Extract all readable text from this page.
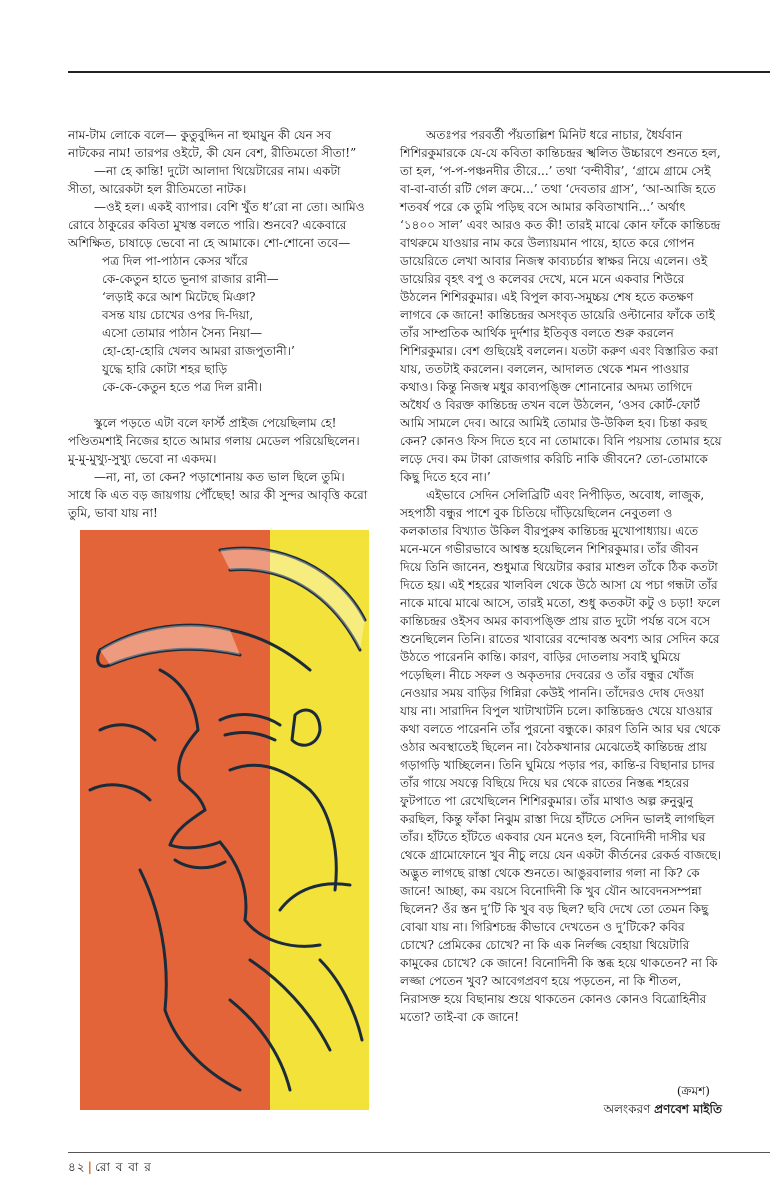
নাম-টাম লোকে বলে— কুতুবুদ্দিন না হুমায়ুন কী যেন সব নাটকের নাম! তারপর ওইটে, কী যেন বেশ, রীতিমতো সীতা!”

—না হে কান্তি! দুটো আলাদা থিয়েটারের নাম। একটা সীতা, আরেকটা হল রীতিমতো নাটক।

—ওই হল। একই ব্যাপার। বেশি খুঁত ধ’রো না তো। আমিও রোবে ঠাকুরের কবিতা মুখস্ত বলতে পারি। শুনবে? একেবারে অশিক্ষিত, চাষাড়ে ভেবো না হে আমাকে। শো-শোনো তবে—

পত্র দিল পা-পাঠান কেসর খাঁরে
কে-কেতুন হাতে ভূনাগ রাজার রানী—
‘লড়াই করে আশ মিটেছে মিঞা?
বসন্ত যায় চোখের ওপর দি-দিয়া,
এসো তোমার পাঠান সৈন্য নিয়া—
হো-হো-হোরি খেলব আমরা রাজপুতানী।’
যুদ্ধে হারি কোটা শহর ছাড়ি
কে-কে-কেতুন হতে পত্র দিল রানী।

স্কুলে পড়তে এটা বলে ফার্স্ট প্রাইজ পেয়েছিলাম হে! পণ্ডিতমশাই নিজের হাতে আমার গলায় মেডেল পরিয়েছিলেন। মু-মু-মুখ্যু-সুখ্যু ভেবো না একদম।

—না, না, তা কেন? পড়াশোনায় কত ভাল ছিলে তুমি। সাধে কি এত বড় জায়গায় পৌঁছেছ! আর কী সুন্দর আবৃত্তি করো তুমি, ভাবা যায় না!

অতঃপর পরবর্তী পঁয়তাল্লিশ মিনিট ধরে নাচার, ধৈর্যবান শিশিরকুমারকে যে-যে কবিতা কান্তিচন্দ্রর স্খলিত উচ্চারণে শুনতে হল, তা হল, ‘প-প-পঞ্চনদীর তীরে...’ তথা ‘বন্দীবীর’, ‘গ্রামে গ্রামে সেই বা-বা-বার্তা রটি গেল ক্রমে...’ তথা ‘দেবতার গ্রাস’, ‘আ-আজি হতে শতবর্ষ পরে কে তুমি পড়িছ বসে আমার কবিতাখানি...’ অর্থাৎ ‘১৪০০ সাল’ এবং আরও কত কী! তারই মাঝে কোন ফাঁকে কান্তিচন্দ্র বাথরুমে যাওয়ার নাম করে উল্যায়মান পায়ে, হাতে করে গোপন ডায়েরিতে লেখা আবার নিজস্ব কাব্যচর্চার স্বাক্ষর নিয়ে এলেন। ওই ডায়েরির বৃহৎ বপু ও কলেবর দেখে, মনে মনে একবার শিউরে উঠলেন শিশিরকুমার। এই বিপুল কাব্য-সমুচ্চয় শেষ হতে কতক্ষণ লাগবে কে জানে! কান্তিচন্দ্রর অসংবৃত ডায়েরি ওল্টানোর ফাঁকে তাই তাঁর সাম্প্রতিক আর্থিক দুর্দশার ইতিবৃত্ত বলতে শুরু করলেন শিশিরকুমার। বেশ গুছিয়েই বললেন। যতটা করুণ এবং বিস্তারিত করা যায়, ততটাই করলেন। বললেন, আদালত থেকে শমন পাওয়ার কথাও। কিন্তু নিজস্ব মধুর কাব্যপঙ্ক্তি শোনানোর অদম্য তাগিদে অধৈর্য ও বিরক্ত কান্তিচন্দ্র তখন বলে উঠলেন, ‘ওসব কোর্ট-ফোর্ট আমি সামলে দেব। আরে আমিই তোমার উ-উকিল হব। চিন্তা করছ কেন? কোনও ফিস দিতে হবে না তোমাকে। বিনি পয়সায় তোমার হয়ে লড়ে দেব। কম টাকা রোজগার করিচি নাকি জীবনে? তো-তোমাকে কিছু দিতে হবে না।’

এইভাবে সেদিন সেলিব্রিটি এবং নিপীড়িত, অবোধ, লাজুক, সহপাঠী বন্ধুর পাশে বুক চিতিয়ে দাঁড়িয়েছিলেন নেবুতলা ও কলকাতার বিখ্যাত উকিল বীরপুরুষ কান্তিচন্দ্র মুখোপাধ্যায়। এতে মনে-মনে গভীরভাবে আশ্বস্ত হয়েছিলেন শিশিরকুমার। তাঁর জীবন দিয়ে তিনি জানেন, শুধুমাত্র থিয়েটার করার মাশুল তাঁকে ঠিক কতটা দিতে হয়। এই শহরের খালবিল থেকে উঠে আসা যে পচা গন্ধটা তাঁর নাকে মাঝে মাঝে আসে, তারই মতো, শুধু কতকটা কটু ও চড়া! ফলে কান্তিচন্দ্রর ওইসব অমর কাব্যপঙ্ক্তি প্রায় রাত দুটো পর্যন্ত বসে বসে শুনেছিলেন তিনি। রাতের খাবারের বন্দোবস্ত অবশ্য আর সেদিন করে উঠতে পারেননি কান্তি। কারণ, বাড়ির দোতলায় সবাই ঘুমিয়ে পড়েছিল। নীচে সফল ও অকৃতদার দেবরের ও তাঁর বন্ধুর খোঁজ নেওয়ার সময় বাড়ির গিন্নিরা কেউই পাননি। তাঁদেরও দোষ দেওয়া যায় না। সারাদিন বিপুল খাটাখাটনি চলে। কান্তিচন্দ্রও খেয়ে যাওয়ার কথা বলতে পারেননি তাঁর পুরনো বন্ধুকে। কারণ তিনি আর ঘর থেকে ওঠার অবস্থাতেই ছিলেন না। বৈঠকখানার মেঝেতেই কান্তিচন্দ্র প্রায় গড়াগড়ি খাচ্ছিলেন। তিনি ঘুমিয়ে পড়ার পর, কান্তি-র বিছানার চাদর তাঁর গায়ে সযত্নে বিছিয়ে দিয়ে ঘর থেকে রাতের নিস্তব্ধ শহরের ফুটপাতে পা রেখেছিলেন শিশিরকুমার। তাঁর মাথাও অল্প রুনুঝুনু করছিল, কিন্তু ফাঁকা নিঝুম রাস্তা দিয়ে হাঁটতে সেদিন ভালই লাগছিল তাঁর। হাঁটতে হাঁটতে একবার যেন মনেও হল, বিনোদিনী দাসীর ঘর থেকে গ্রামোফোনে খুব নীচু লয়ে যেন একটা কীর্তনের রেকর্ড বাজছে। অদ্ভুত লাগছে রাস্তা থেকে শুনতে। আঙুরবালার গলা না কি? কে জানে! আচ্ছা, কম বয়সে বিনোদিনী কি খুব যৌন আবেদনসম্পন্না ছিলেন? ওঁর স্তন দু’টি কি খুব বড় ছিল? ছবি দেখে তো তেমন কিছু বোঝা যায় না। গিরিশচন্দ্র কীভাবে দেখতেন ও দু’টিকে? কবির চোখে? প্রেমিকের চোখে? না কি এক নির্লজ্জ বেহায়া থিয়েটারি কামুকের চোখে? কে জানে! বিনোদিনী কি স্তব্ধ হয়ে থাকতেন? না কি লজ্জা পেতেন খুব? আবেগপ্রবণ হয়ে পড়তেন, না কি শীতল, নিরাসক্ত হয়ে বিছানায় শুয়ে থাকতেন কোনও কোনও বিত্রোহিনীর মতো? তাই-বা কে জানে!

(ক্রমশ)
অলংকরণ প্রণবেশ মাইতি
৪২ | রো ব বা র
